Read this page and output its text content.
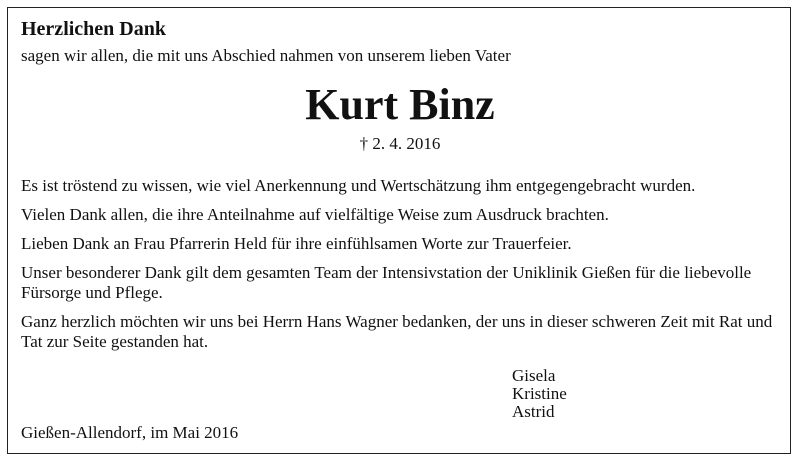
Herzlichen Dank
sagen wir allen, die mit uns Abschied nahmen von unserem lieben Vater
Kurt Binz
† 2. 4. 2016

Es ist tröstend zu wissen, wie viel Anerkennung und Wertschätzung ihm entgegengebracht wurden.

Vielen Dank allen, die ihre Anteilnahme auf vielfältige Weise zum Ausdruck brachten.

Lieben Dank an Frau Pfarrerin Held für ihre einfühlsamen Worte zur Trauerfeier.

Unser besonderer Dank gilt dem gesamten Team der Intensivstation der Uniklinik Gießen für die liebevolle Fürsorge und Pflege.

Ganz herzlich möchten wir uns bei Herrn Hans Wagner bedanken, der uns in dieser schweren Zeit mit Rat und Tat zur Seite gestanden hat.

Gisela
Kristine
Astrid
Gießen-Allendorf, im Mai 2016
